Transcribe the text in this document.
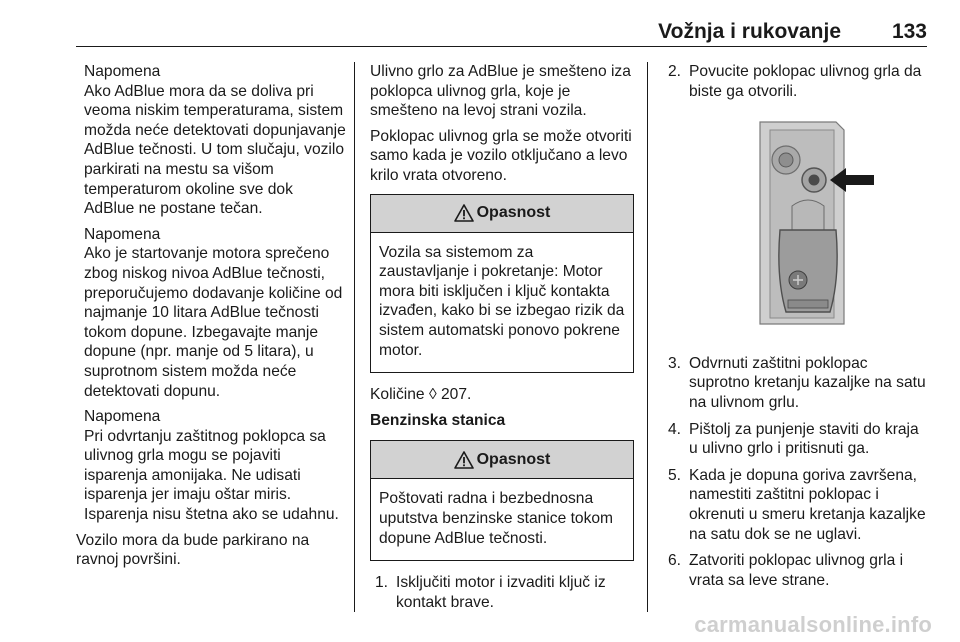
Vožnja i rukovanje 133
Napomena
Ako AdBlue mora da se doliva pri veoma niskim temperaturama, sistem možda neće detektovati dopunjavanje AdBlue tečnosti. U tom slučaju, vozilo parkirati na mestu sa višom temperaturom okoline sve dok AdBlue ne postane tečan.
Napomena
Ako je startovanje motora sprečeno zbog niskog nivoa AdBlue tečnosti, preporučujemo dodavanje količine od najmanje 10 litara AdBlue tečnosti tokom dopune. Izbegavajte manje dopune (npr. manje od 5 litara), u suprotnom sistem možda neće detektovati dopunu.
Napomena
Pri odvrtanju zaštitnog poklopca sa ulivnog grla mogu se pojaviti isparenja amonijaka. Ne udisati isparenja jer imaju oštar miris. Isparenja nisu štetna ako se udahnu.

Vozilo mora da bude parkirano na ravnoj površini.

Ulivno grlo za AdBlue je smešteno iza poklopca ulivnog grla, koje je smešteno na levoj strani vozila.

Poklopac ulivnog grla se može otvoriti samo kada je vozilo otključano a levo krilo vrata otvoreno.

Opasnost
Vozila sa sistemom za zaustavljanje i pokretanje: Motor mora biti isključen i ključ kontakta izvađen, kako bi se izbegao rizik da sistem automatski ponovo pokrene motor.

Količine ◊ 207.

Benzinska stanica

Opasnost
Poštovati radna i bezbednosna uputstva benzinske stanice tokom dopune AdBlue tečnosti.
1. Isključiti motor i izvaditi ključ iz kontakt brave.
2. Povucite poklopac ulivnog grla da biste ga otvorili.
3. Odvrnuti zaštitni poklopac suprotno kretanju kazaljke na satu na ulivnom grlu.
4. Pištolj za punjenje staviti do kraja u ulivno grlo i pritisnuti ga.
5. Kada je dopuna goriva završena, namestiti zaštitni poklopac i okrenuti u smeru kretanja kazaljke na satu dok se ne uglavi.
6. Zatvoriti poklopac ulivnog grla i vrata sa leve strane.
carmanualsonline.info
